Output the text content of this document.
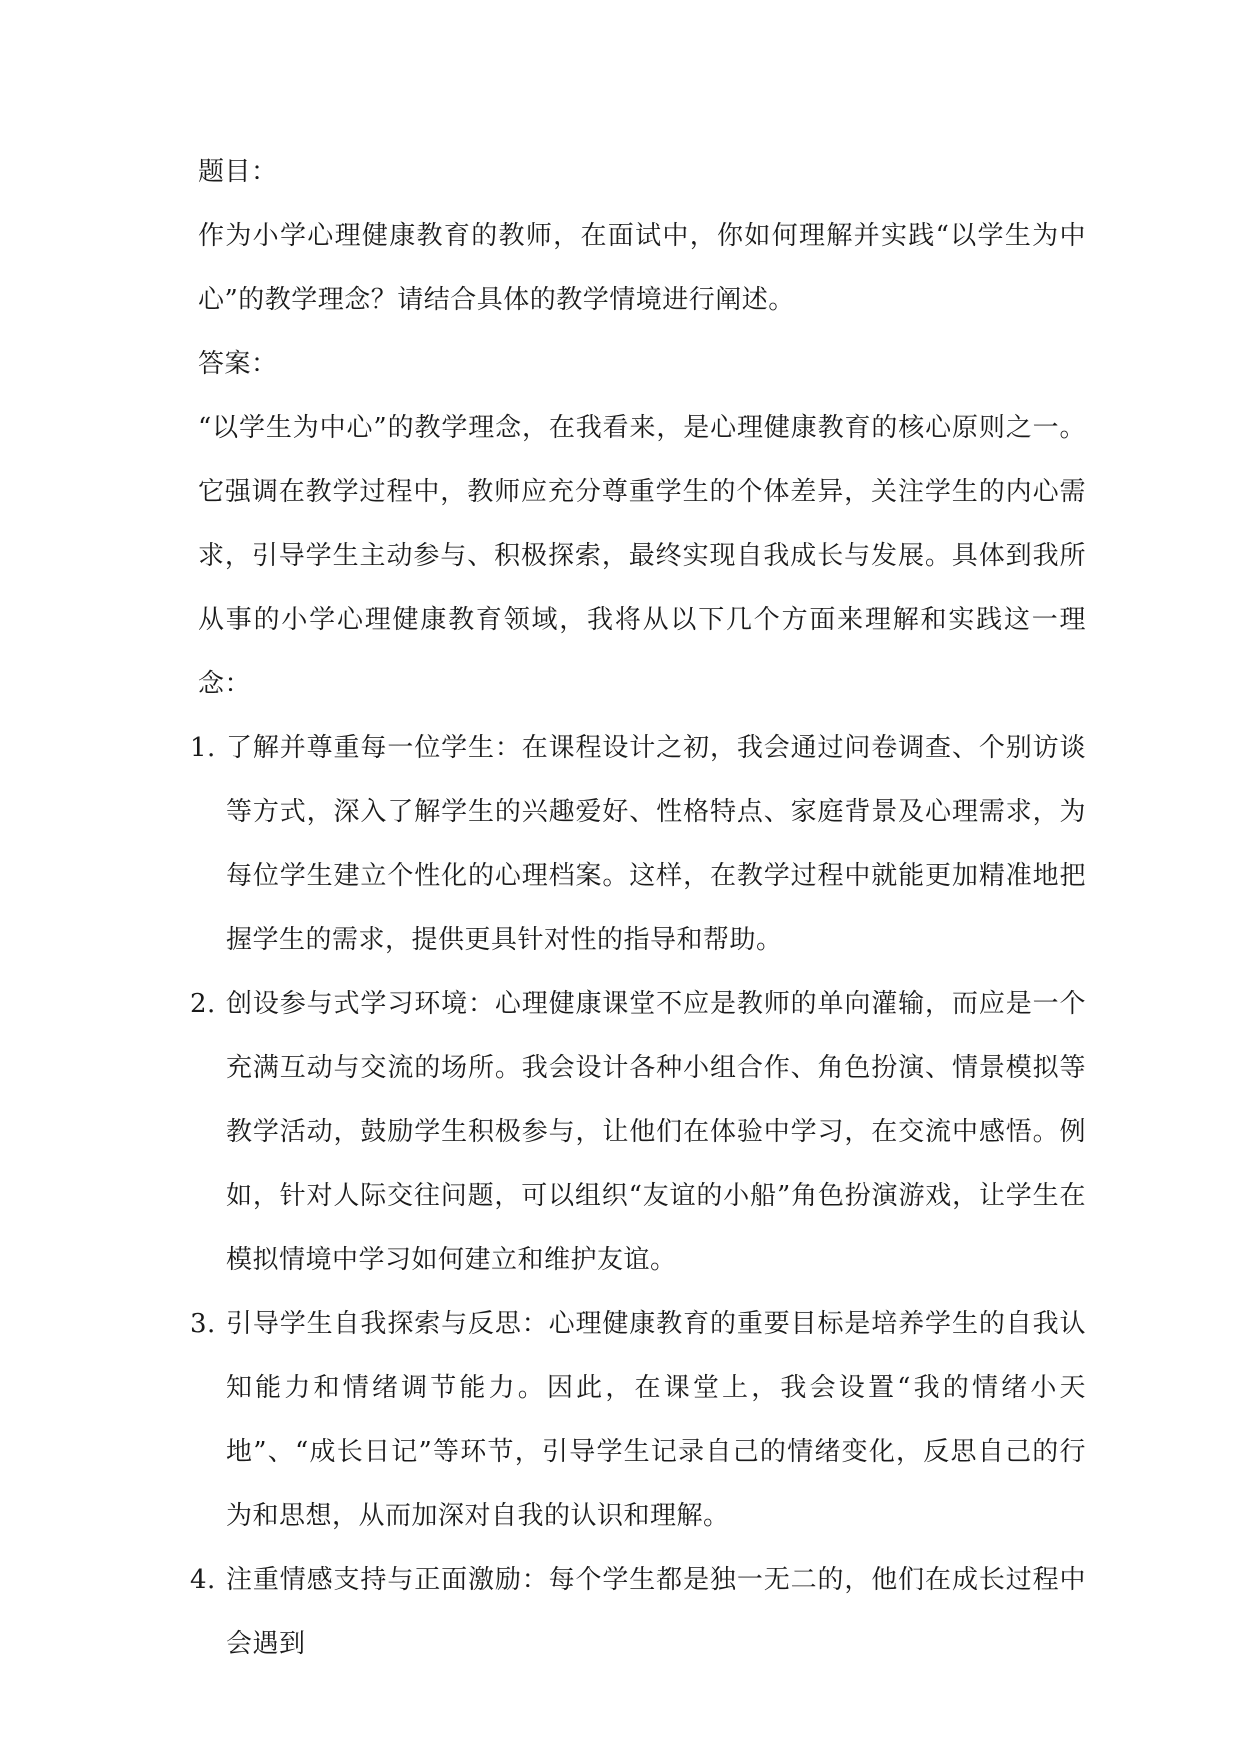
题目：

作为小学心理健康教育的教师，在面试中，你如何理解并实践“以学生为中心”的教学理念？请结合具体的教学情境进行阐述。

答案：

“以学生为中心”的教学理念，在我看来，是心理健康教育的核心原则之一。它强调在教学过程中，教师应充分尊重学生的个体差异，关注学生的内心需求，引导学生主动参与、积极探索，最终实现自我成长与发展。具体到我所从事的小学心理健康教育领域，我将从以下几个方面来理解和实践这一理念：

1. 了解并尊重每一位学生：在课程设计之初，我会通过问卷调查、个别访谈等方式，深入了解学生的兴趣爱好、性格特点、家庭背景及心理需求，为每位学生建立个性化的心理档案。这样，在教学过程中就能更加精准地把握学生的需求，提供更具针对性的指导和帮助。
2. 创设参与式学习环境：心理健康课堂不应是教师的单向灌输，而应是一个充满互动与交流的场所。我会设计各种小组合作、角色扮演、情景模拟等教学活动，鼓励学生积极参与，让他们在体验中学习，在交流中感悟。例如，针对人际交往问题，可以组织“友谊的小船”角色扮演游戏，让学生在模拟情境中学习如何建立和维护友谊。
3. 引导学生自我探索与反思：心理健康教育的重要目标是培养学生的自我认知能力和情绪调节能力。因此，在课堂上，我会设置“我的情绪小天地”、“成长日记”等环节，引导学生记录自己的情绪变化，反思自己的行为和思想，从而加深对自我的认识和理解。
4. 注重情感支持与正面激励：每个学生都是独一无二的，他们在成长过程中会遇到
